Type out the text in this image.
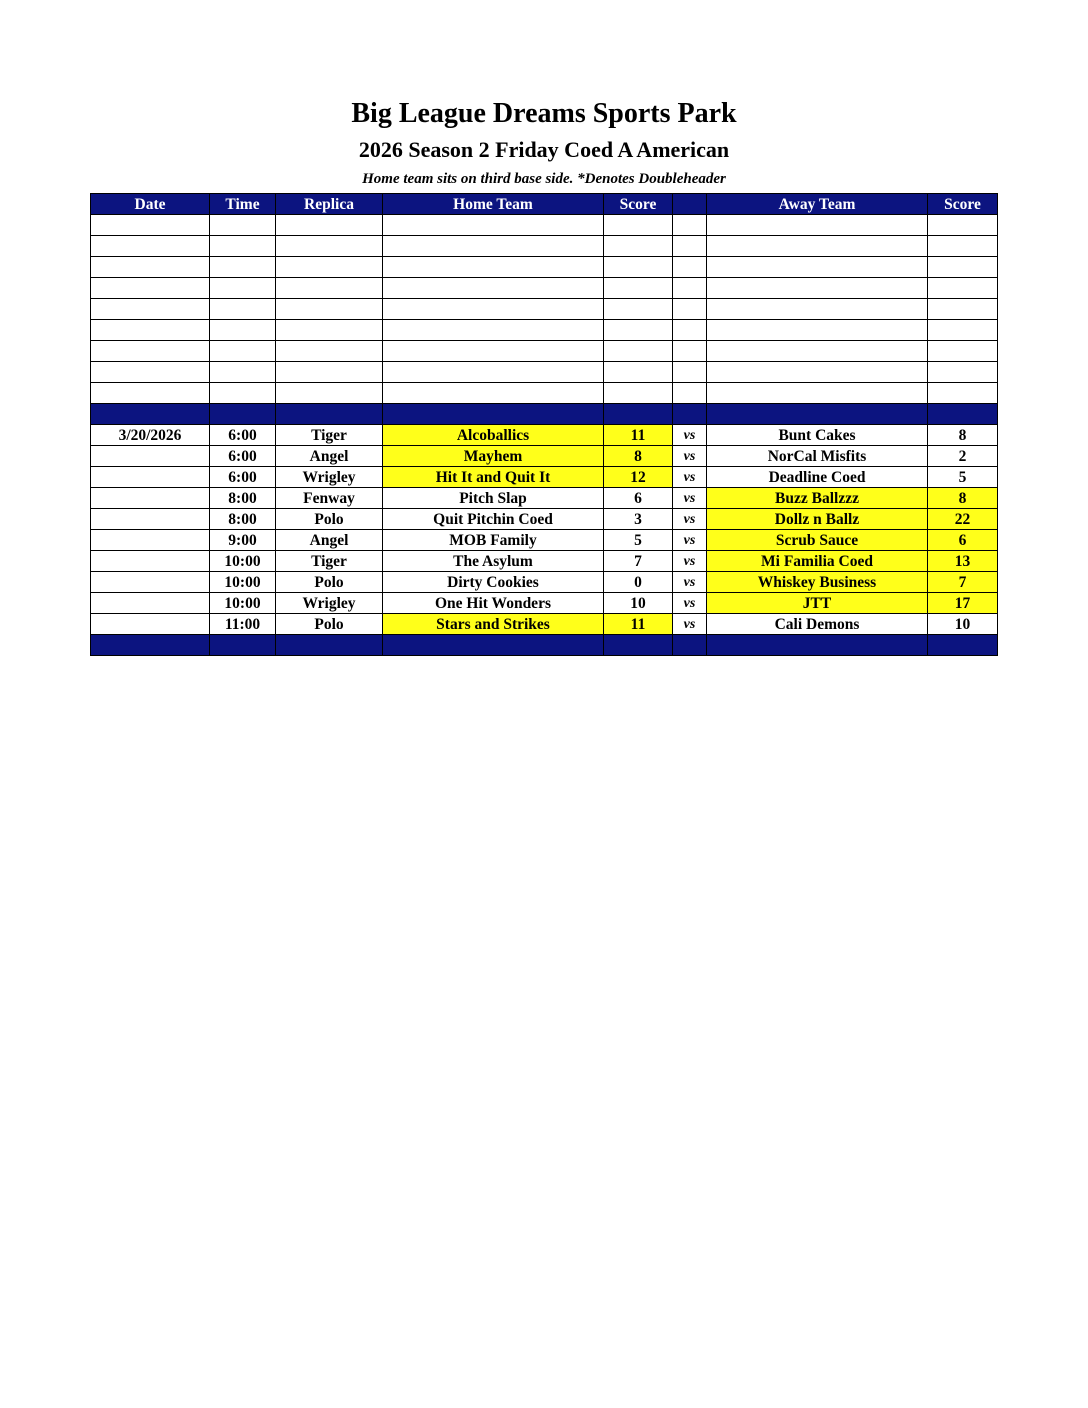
Big League Dreams Sports Park
2026 Season 2 Friday Coed A American
Home team sits on third base side. *Denotes Doubleheader
Date	Time	Replica	Home Team	Score		Away Team	Score

3/20/2026	6:00	Tiger	Alcoballics	11	vs	Bunt Cakes	8
	6:00	Angel	Mayhem	8	vs	NorCal Misfits	2
	6:00	Wrigley	Hit It and Quit It	12	vs	Deadline Coed	5
	8:00	Fenway	Pitch Slap	6	vs	Buzz Ballzzz	8
	8:00	Polo	Quit Pitchin Coed	3	vs	Dollz n Ballz	22
	9:00	Angel	MOB Family	5	vs	Scrub Sauce	6
	10:00	Tiger	The Asylum	7	vs	Mi Familia Coed	13
	10:00	Polo	Dirty Cookies	0	vs	Whiskey Business	7
	10:00	Wrigley	One Hit Wonders	10	vs	JTT	17
	11:00	Polo	Stars and Strikes	11	vs	Cali Demons	10
